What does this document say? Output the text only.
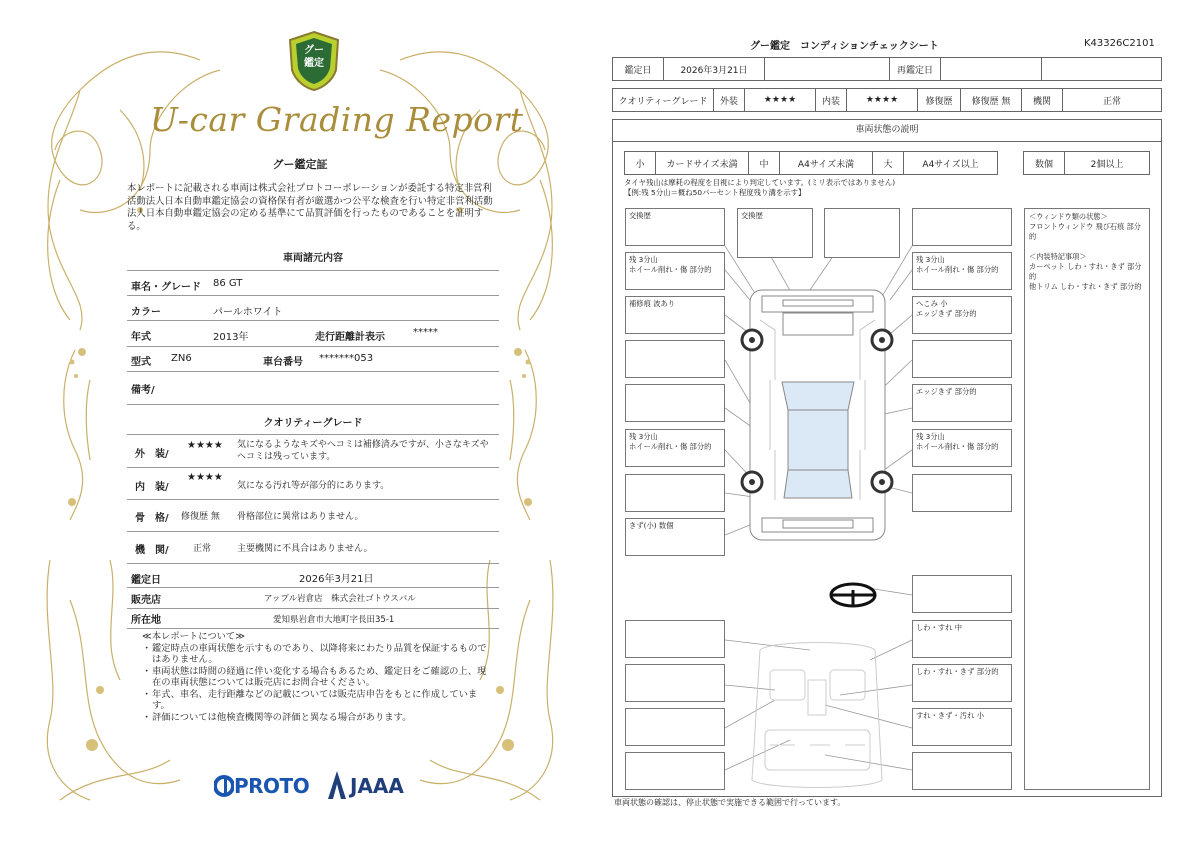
グー
鑑定
U-car Grading Report
グー鑑定証
本レポートに記載される車両は株式会社プロトコーポレーションが委託する特定非営利活動法人日本自動車鑑定協会の資格保有者が厳選かつ公平な検査を行い特定非営利活動法人日本自動車鑑定協会の定める基準にて品質評価を行ったものであることを証明する。
車両諸元内容
車名・グレード 86 GT
カラー	パールホワイト
年式	2013年	走行距離計表示	*****
型式 ZN6	車台番号 *******053
備考/
クオリティーグレード
外　装/
★★★★ 気になるようなキズやヘコミは補修済みですが、小さなキズやヘコミは残っています。
内　装/
★★★★
気になる汚れ等が部分的にあります。
骨　格/ 修復歴 無 骨格部位に異常はありません。
機　関/	正常	主要機関に不具合はありません。
鑑定日	2026年3月21日
販売店	アップル岩倉店　株式会社ゴトウスバル
所在地	愛知県岩倉市大地町字長田35-1
≪本レポートについて≫
・ 鑑定時点の車両状態を示すものであり、以降将来にわたり品質を保証するものではありません。
・ 車両状態は時間の経過に伴い変化する場合もあるため、鑑定日をご確認の上、現在の車両状態については販売店にお問合せください。
・ 年式、車名、走行距離などの記載については販売店申告をもとに作成しています。
・ 評価については他検査機関等の評価と異なる場合があります。
PROTO JAAA
グー鑑定　コンディションチェックシート	K43326C2101
鑑定日	2026年3月21日		再鑑定日		
クオリティーグレード	外装	★★★★	内装	★★★★	修復歴	修復歴 無	機関	正常
車両状態の説明
小	カードサイズ未満	中	A4サイズ未満	大	A4サイズ以上	数個	2個以上
タイヤ残山は摩耗の程度を目視により判定しています。(ミリ表示ではありません)
【例:残 5分山＝概ね50パーセント程度残り溝を示す】
交換歴	交換歴
残 3分山
ホイール削れ・傷 部分的
残 3分山
ホイール削れ・傷 部分的
補修痕 波あり	へこみ 小
エッジきず 部分的
エッジきず 部分的
残 3分山
ホイール削れ・傷 部分的
残 3分山
ホイール削れ・傷 部分的
きず(小) 数個
しわ・すれ 中
しわ・すれ・きず 部分的
すれ・きず・汚れ 小
＜ウィンドウ類の状態＞
フロントウィンドウ 飛び石痕 部分的

＜内装特記事項＞
カーペット しわ・すれ・きず 部分的
他トリム しわ・すれ・きず 部分的
車両状態の確認は、停止状態で実施できる範囲で行っています。
